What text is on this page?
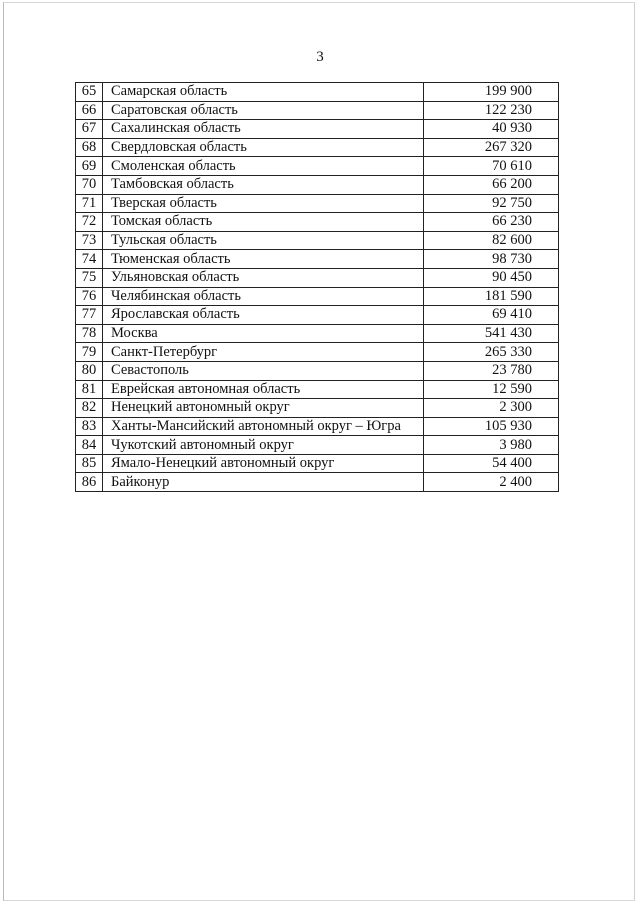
3
65	Самарская область	199 900
66	Саратовская область	122 230
67	Сахалинская область	40 930
68	Свердловская область	267 320
69	Смоленская область	70 610
70	Тамбовская область	66 200
71	Тверская область	92 750
72	Томская область	66 230
73	Тульская область	82 600
74	Тюменская область	98 730
75	Ульяновская область	90 450
76	Челябинская область	181 590
77	Ярославская область	69 410
78	Москва	541 430
79	Санкт-Петербург	265 330
80	Севастополь	23 780
81	Еврейская автономная область	12 590
82	Ненецкий автономный округ	2 300
83	Ханты-Мансийский автономный округ – Югра	105 930
84	Чукотский автономный округ	3 980
85	Ямало-Ненецкий автономный округ	54 400
86	Байконур	2 400
